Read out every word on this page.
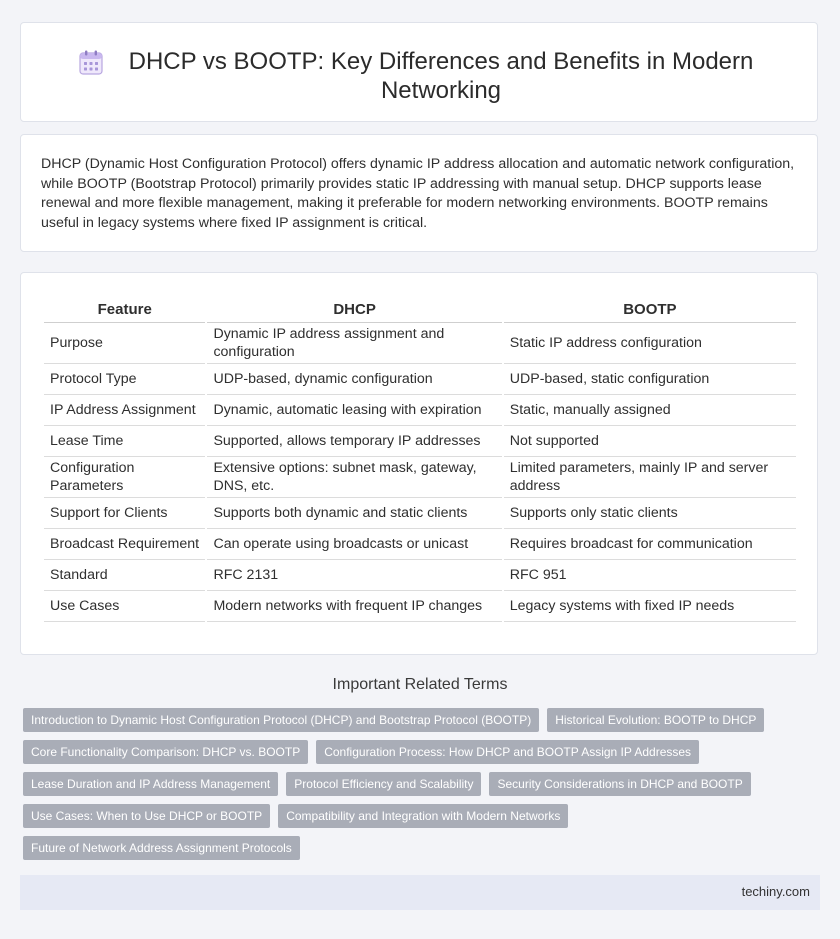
DHCP vs BOOTP: Key Differences and Benefits in Modern Networking

DHCP (Dynamic Host Configuration Protocol) offers dynamic IP address allocation and automatic network configuration, while BOOTP (Bootstrap Protocol) primarily provides static IP addressing with manual setup. DHCP supports lease renewal and more flexible management, making it preferable for modern networking environments. BOOTP remains useful in legacy systems where fixed IP assignment is critical.

Feature	DHCP	BOOTP
Purpose	Dynamic IP address assignment and configuration	Static IP address configuration
Protocol Type	UDP-based, dynamic configuration	UDP-based, static configuration
IP Address Assignment	Dynamic, automatic leasing with expiration	Static, manually assigned
Lease Time	Supported, allows temporary IP addresses	Not supported
Configuration Parameters	Extensive options: subnet mask, gateway, DNS, etc.	Limited parameters, mainly IP and server address
Support for Clients	Supports both dynamic and static clients	Supports only static clients
Broadcast Requirement	Can operate using broadcasts or unicast	Requires broadcast for communication
Standard	RFC 2131	RFC 951
Use Cases	Modern networks with frequent IP changes	Legacy systems with fixed IP needs
Important Related Terms
Introduction to Dynamic Host Configuration Protocol (DHCP) and Bootstrap Protocol (BOOTP)	Historical Evolution: BOOTP to DHCP
Core Functionality Comparison: DHCP vs. BOOTP	Configuration Process: How DHCP and BOOTP Assign IP Addresses
Lease Duration and IP Address Management	Protocol Efficiency and Scalability	Security Considerations in DHCP and BOOTP
Use Cases: When to Use DHCP or BOOTP	Compatibility and Integration with Modern Networks
Future of Network Address Assignment Protocols
techiny.com
